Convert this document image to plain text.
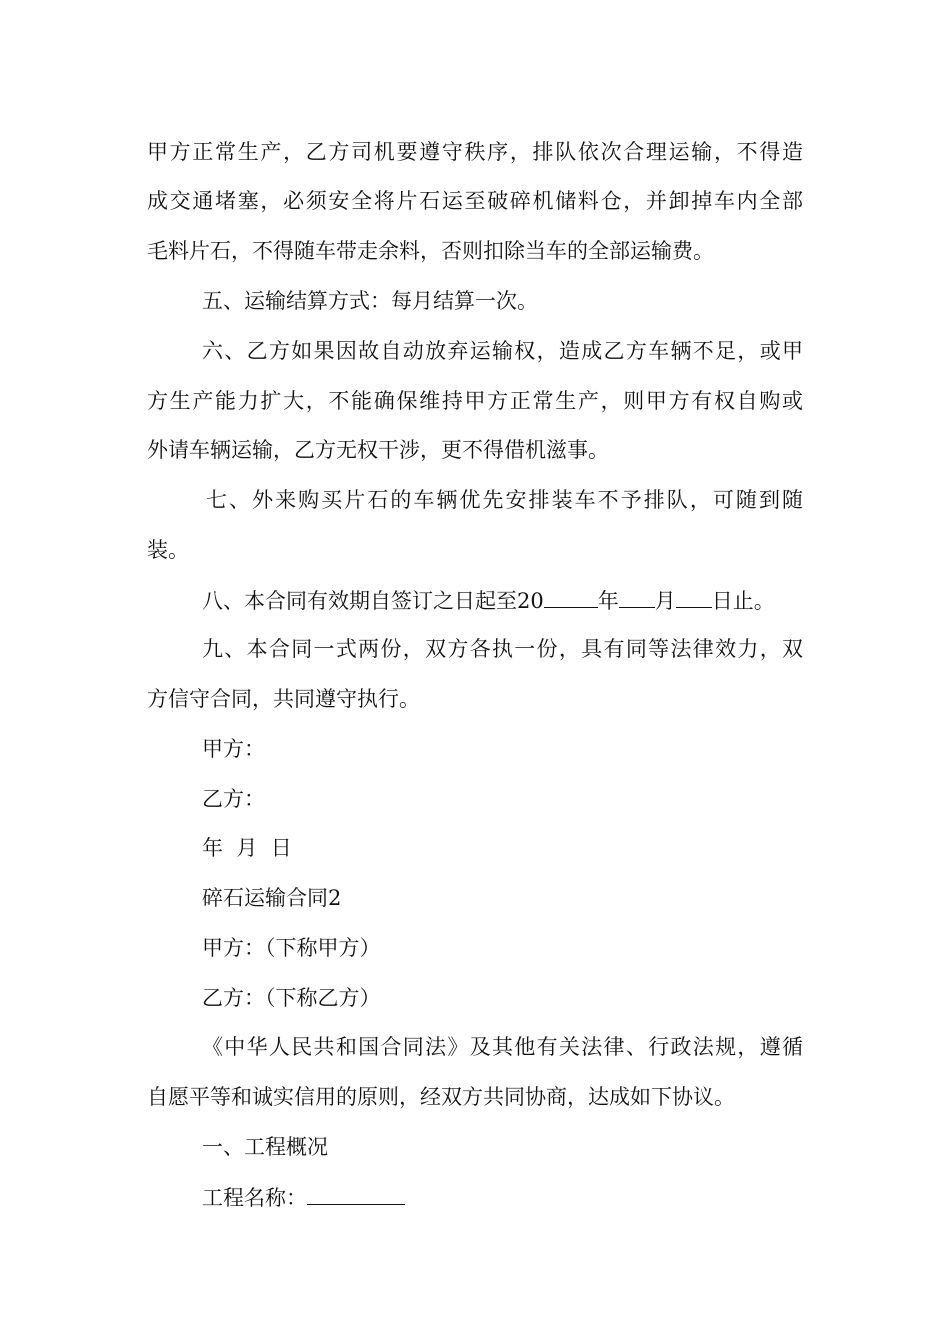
甲方正常生产，乙方司机要遵守秩序，排队依次合理运输，不得造
成交通堵塞，必须安全将片石运至破碎机储料仓，并卸掉车内全部
毛料片石，不得随车带走余料，否则扣除当车的全部运输费。
五、运输结算方式：每月结算一次。
六、乙方如果因故自动放弃运输权，造成乙方车辆不足，或甲
方生产能力扩大，不能确保维持甲方正常生产，则甲方有权自购或
外请车辆运输，乙方无权干涉，更不得借机滋事。
七、外来购买片石的车辆优先安排装车不予排队，可随到随
装。
八、本合同有效期自签订之日起至20	年 月 日止。
九、本合同一式两份，双方各执一份，具有同等法律效力，双
方信守合同，共同遵守执行。
甲方：
乙方：
年  月  日
碎石运输合同2
甲方：（下称甲方）
乙方：（下称乙方）
《中华人民共和国合同法》及其他有关法律、行政法规，遵循
自愿平等和诚实信用的原则，经双方共同协商，达成如下协议。
一、工程概况
工程名称：
